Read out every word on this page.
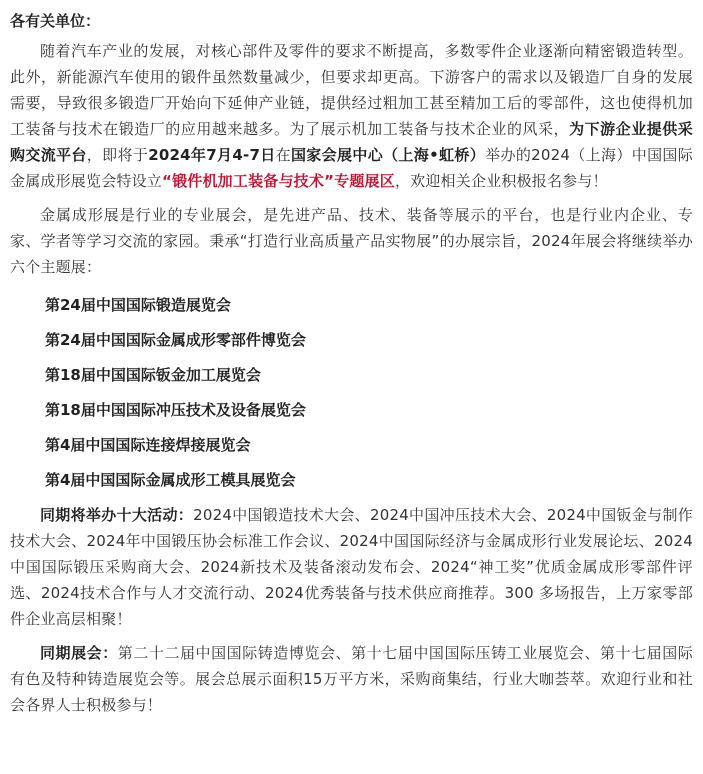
各有关单位：

随着汽车产业的发展，对核心部件及零件的要求不断提高，多数零件企业逐渐向精密锻造转型。此外，新能源汽车使用的锻件虽然数量减少，但要求却更高。下游客户的需求以及锻造厂自身的发展需要，导致很多锻造厂开始向下延伸产业链，提供经过粗加工甚至精加工后的零部件，这也使得机加工装备与技术在锻造厂的应用越来越多。为了展示机加工装备与技术企业的风采，为下游企业提供采购交流平台，即将于2024年7月4-7日在国家会展中心（上海•虹桥）举办的2024（上海）中国国际金属成形展览会特设立“锻件机加工装备与技术”专题展区，欢迎相关企业积极报名参与！

金属成形展是行业的专业展会，是先进产品、技术、装备等展示的平台，也是行业内企业、专家、学者等学习交流的家园。秉承“打造行业高质量产品实物展”的办展宗旨，2024年展会将继续举办六个主题展：

第24届中国国际锻造展览会
第24届中国国际金属成形零部件博览会
第18届中国国际钣金加工展览会
第18届中国国际冲压技术及设备展览会
第4届中国国际连接焊接展览会
第4届中国国际金属成形工模具展览会

同期将举办十大活动：2024中国锻造技术大会、2024中国冲压技术大会、2024中国钣金与制作技术大会、2024年中国锻压协会标准工作会议、2024中国国际经济与金属成形行业发展论坛、2024中国国际锻压采购商大会、2024新技术及装备滚动发布会、2024“神工奖”优质金属成形零部件评选、2024技术合作与人才交流行动、2024优秀装备与技术供应商推荐。300 多场报告，上万家零部件企业高层相聚！

同期展会：第二十二届中国国际铸造博览会、第十七届中国国际压铸工业展览会、第十七届国际有色及特种铸造展览会等。展会总展示面积15万平方米，采购商集结，行业大咖荟萃。欢迎行业和社会各界人士积极参与！
